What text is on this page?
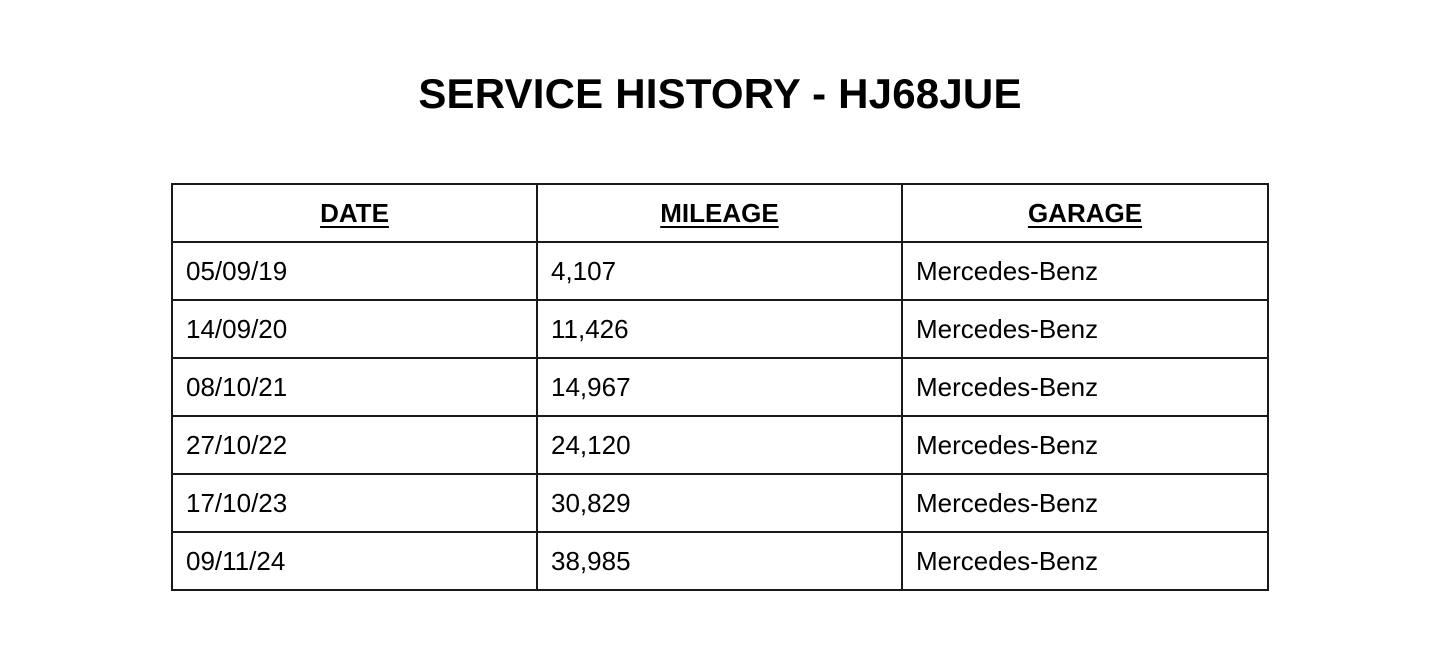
SERVICE HISTORY - HJ68JUE
DATE	MILEAGE	GARAGE
05/09/19	4,107	Mercedes-Benz
14/09/20	11,426	Mercedes-Benz
08/10/21	14,967	Mercedes-Benz
27/10/22	24,120	Mercedes-Benz
17/10/23	30,829	Mercedes-Benz
09/11/24	38,985	Mercedes-Benz
